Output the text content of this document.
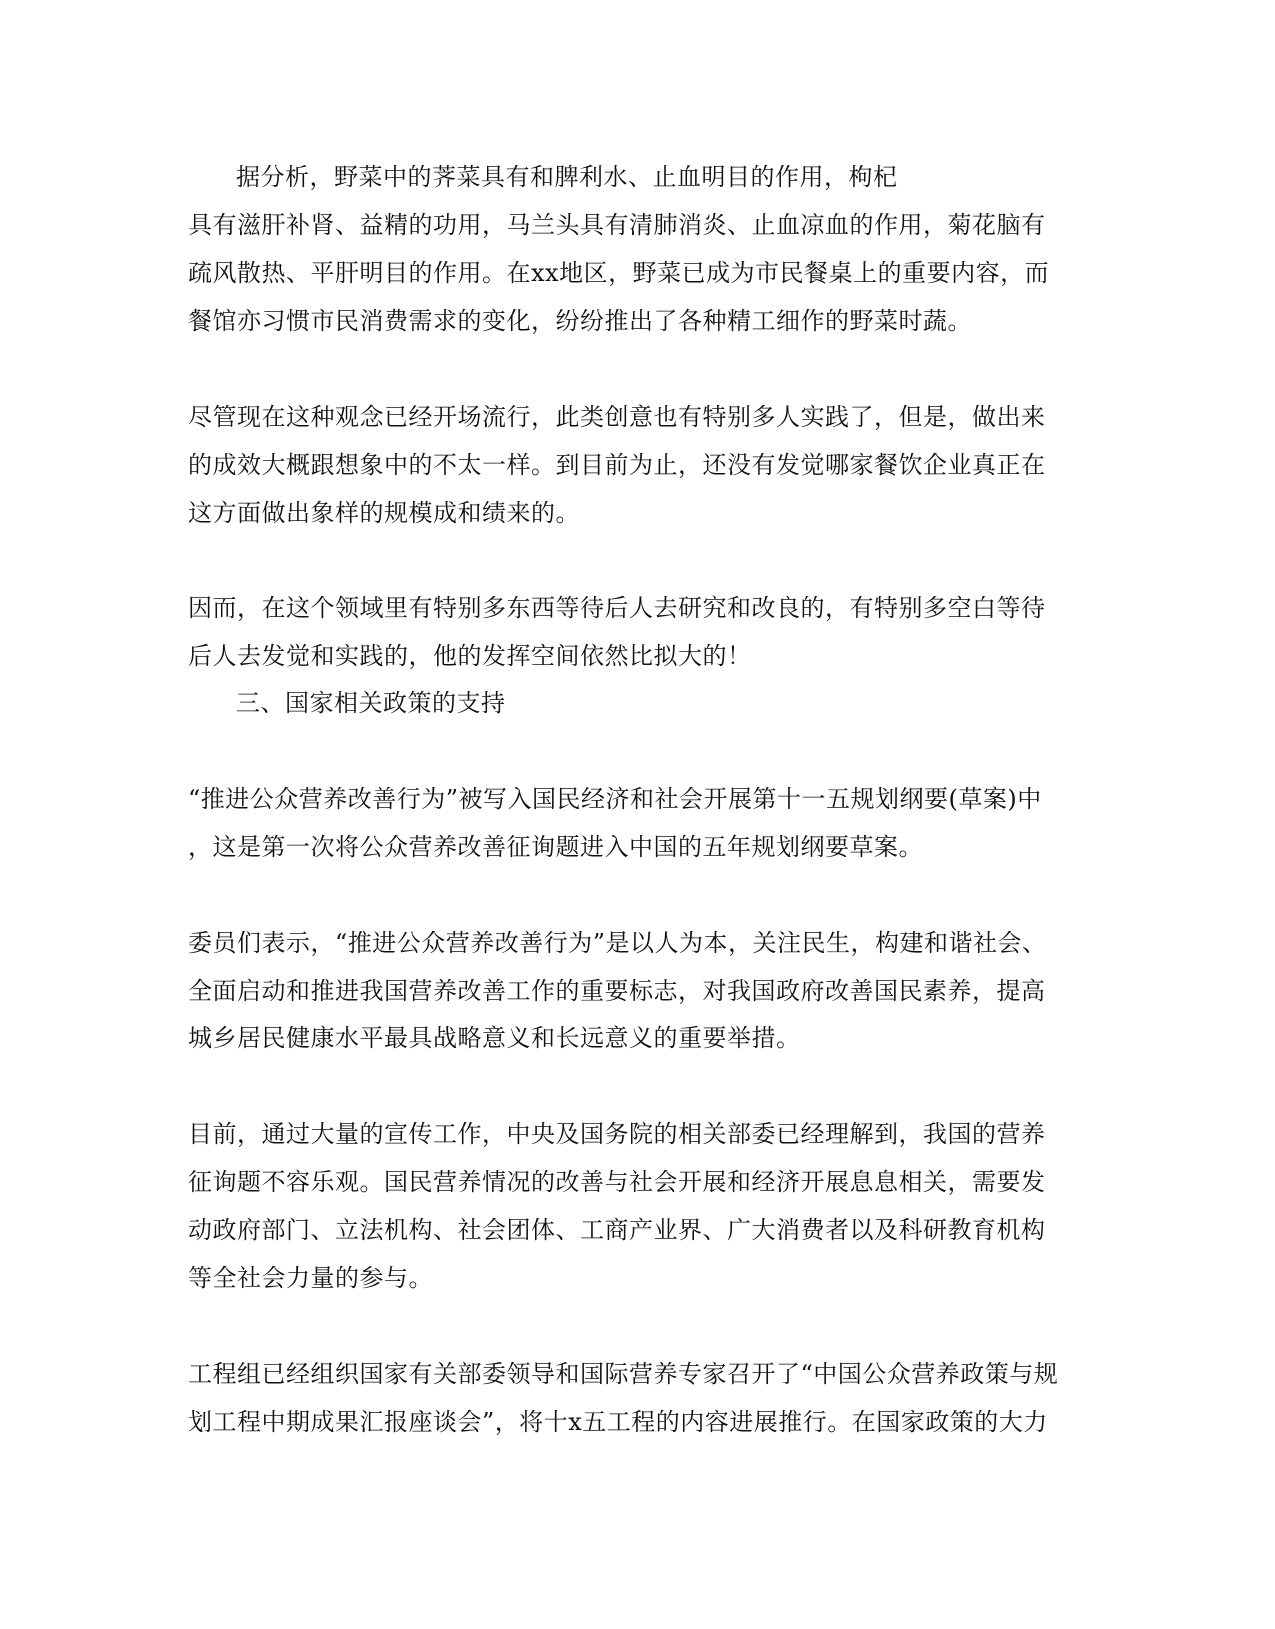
据分析，野菜中的荠菜具有和脾利水、止血明目的作用，枸杞
具有滋肝补肾、益精的功用，马兰头具有清肺消炎、止血凉血的作用，菊花脑有
疏风散热、平肝明目的作用。在xx地区，野菜已成为市民餐桌上的重要内容，而
餐馆亦习惯市民消费需求的变化，纷纷推出了各种精工细作的野菜时蔬。
尽管现在这种观念已经开场流行，此类创意也有特别多人实践了，但是，做出来
的成效大概跟想象中的不太一样。到目前为止，还没有发觉哪家餐饮企业真正在
这方面做出象样的规模成和绩来的。
因而，在这个领域里有特别多东西等待后人去研究和改良的，有特别多空白等待
后人去发觉和实践的，他的发挥空间依然比拟大的！
三、国家相关政策的支持
“推进公众营养改善行为”被写入国民经济和社会开展第十一五规划纲要(草案)中
，这是第一次将公众营养改善征询题进入中国的五年规划纲要草案。
委员们表示，“推进公众营养改善行为”是以人为本，关注民生，构建和谐社会、
全面启动和推进我国营养改善工作的重要标志，对我国政府改善国民素养，提高
城乡居民健康水平最具战略意义和长远意义的重要举措。
目前，通过大量的宣传工作，中央及国务院的相关部委已经理解到，我国的营养
征询题不容乐观。国民营养情况的改善与社会开展和经济开展息息相关，需要发
动政府部门、立法机构、社会团体、工商产业界、广大消费者以及科研教育机构
等全社会力量的参与。
工程组已经组织国家有关部委领导和国际营养专家召开了“中国公众营养政策与规
划工程中期成果汇报座谈会”，将十x五工程的内容进展推行。在国家政策的大力
